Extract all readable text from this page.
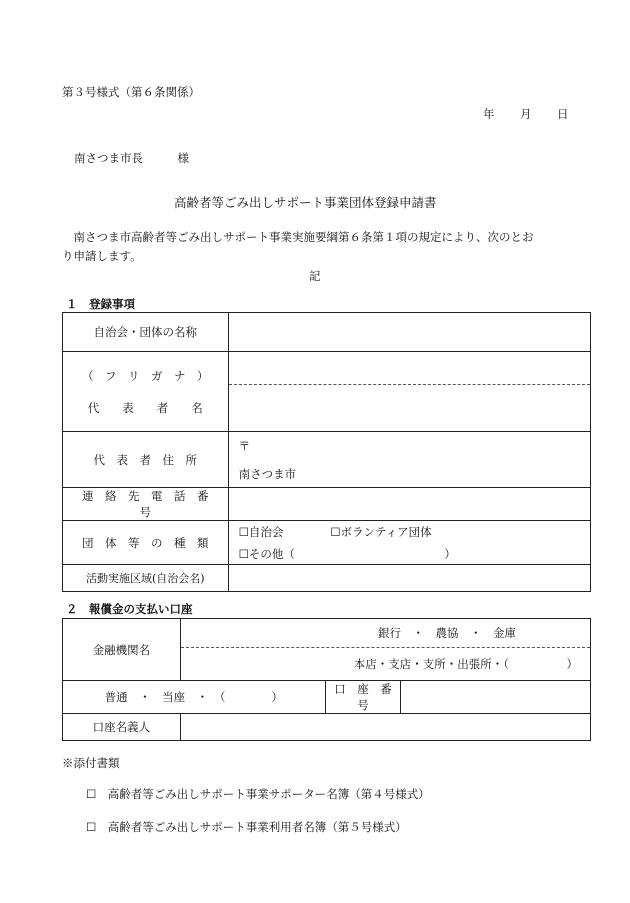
第３号様式（第６条関係）
年 月 日
南さつま市長　　　様
高齢者等ごみ出しサポート事業団体登録申請書
　南さつま市高齢者等ごみ出しサポート事業実施要綱第６条第１項の規定により、次のとお
り申請します。
記
１　登録事項
自治会・団体の名称	

（　フ　リ　ガ　ナ　）
代　　表　　者　　名	

代　表　者　住　所	〒
南さつま市

連　絡　先　電　話　番　号	
団　体　等　の　種　類	☐自治会 ☐ボランティア団体
☐その他（　　　　　　　　　　　　　）

活動実施区域(自治会名)	
２　報償金の支払い口座
金融機関名	銀行　・　農協　・　金庫
本店・支店・支所・出張所・（　　　　　）		

普通　・　当座　・　（　　　　）		口　座　番　号	
口座名義人			
※添付書類
☐　高齢者等ごみ出しサポート事業サポーター名簿（第４号様式）
☐　高齢者等ごみ出しサポート事業利用者名簿（第５号様式）
